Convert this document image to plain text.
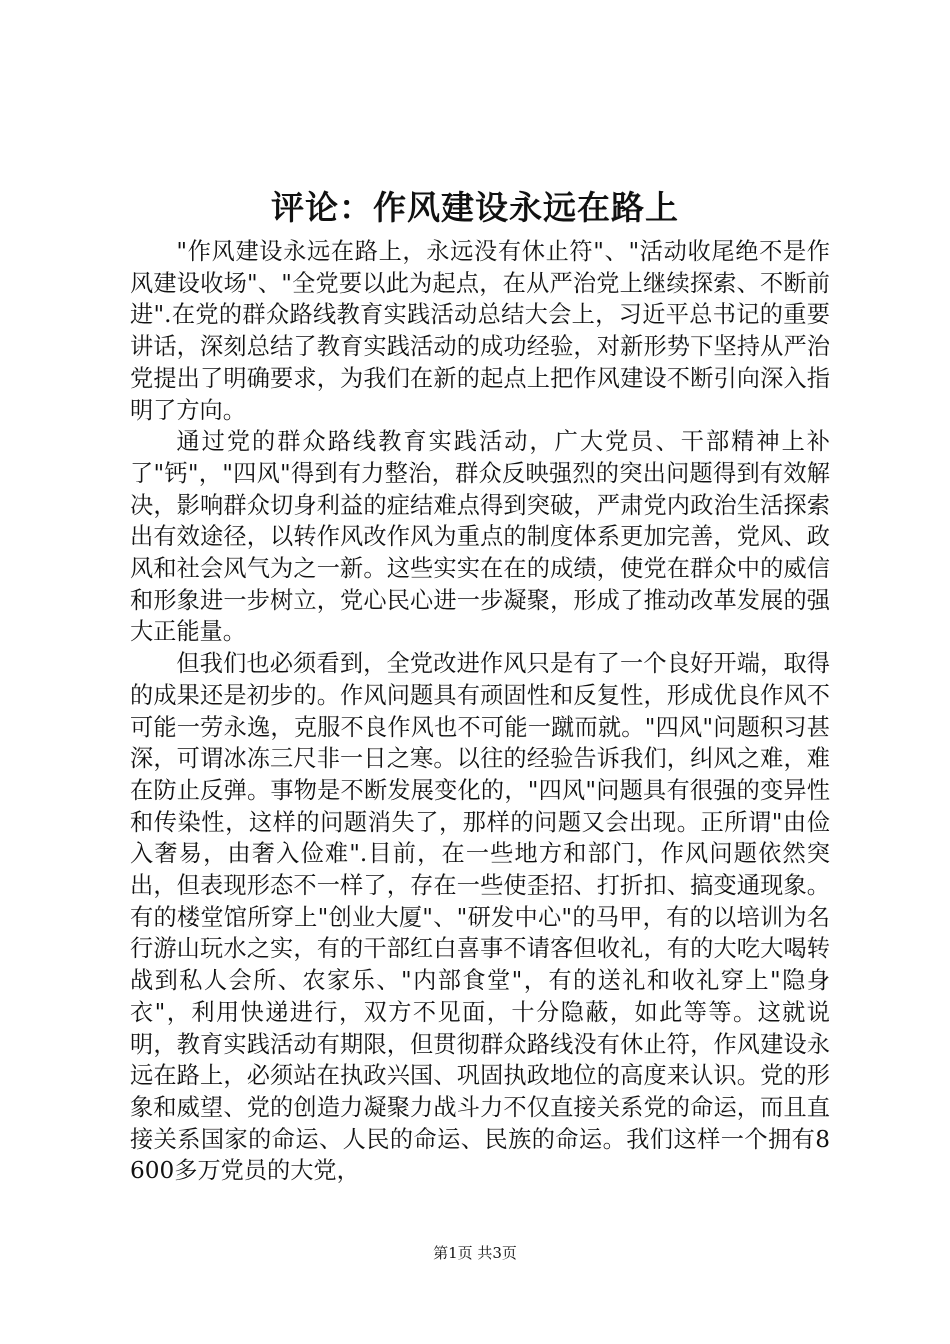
评论：作风建设永远在路上

"作风建设永远在路上，永远没有休止符"、"活动收尾绝不是作风建设收场"、"全党要以此为起点，在从严治党上继续探索、不断前进".在党的群众路线教育实践活动总结大会上，习近平总书记的重要讲话，深刻总结了教育实践活动的成功经验，对新形势下坚持从严治党提出了明确要求，为我们在新的起点上把作风建设不断引向深入指明了方向。

通过党的群众路线教育实践活动，广大党员、干部精神上补了"钙"，"四风"得到有力整治，群众反映强烈的突出问题得到有效解决，影响群众切身利益的症结难点得到突破，严肃党内政治生活探索出有效途径，以转作风改作风为重点的制度体系更加完善，党风、政风和社会风气为之一新。这些实实在在的成绩，使党在群众中的威信和形象进一步树立，党心民心进一步凝聚，形成了推动改革发展的强大正能量。

但我们也必须看到，全党改进作风只是有了一个良好开端，取得的成果还是初步的。作风问题具有顽固性和反复性，形成优良作风不可能一劳永逸，克服不良作风也不可能一蹴而就。"四风"问题积习甚深，可谓冰冻三尺非一日之寒。以往的经验告诉我们，纠风之难，难在防止反弹。事物是不断发展变化的，"四风"问题具有很强的变异性和传染性，这样的问题消失了，那样的问题又会出现。正所谓"由俭入奢易，由奢入俭难".目前，在一些地方和部门，作风问题依然突出，但表现形态不一样了，存在一些使歪招、打折扣、搞变通现象。有的楼堂馆所穿上"创业大厦"、"研发中心"的马甲，有的以培训为名行游山玩水之实，有的干部红白喜事不请客但收礼，有的大吃大喝转战到私人会所、农家乐、"内部食堂"，有的送礼和收礼穿上"隐身衣"，利用快递进行，双方不见面，十分隐蔽，如此等等。这就说明，教育实践活动有期限，但贯彻群众路线没有休止符，作风建设永远在路上，必须站在执政兴国、巩固执政地位的高度来认识。党的形象和威望、党的创造力凝聚力战斗力不仅直接关系党的命运，而且直接关系国家的命运、人民的命运、民族的命运。我们这样一个拥有8600多万党员的大党，

第1页 共3页
